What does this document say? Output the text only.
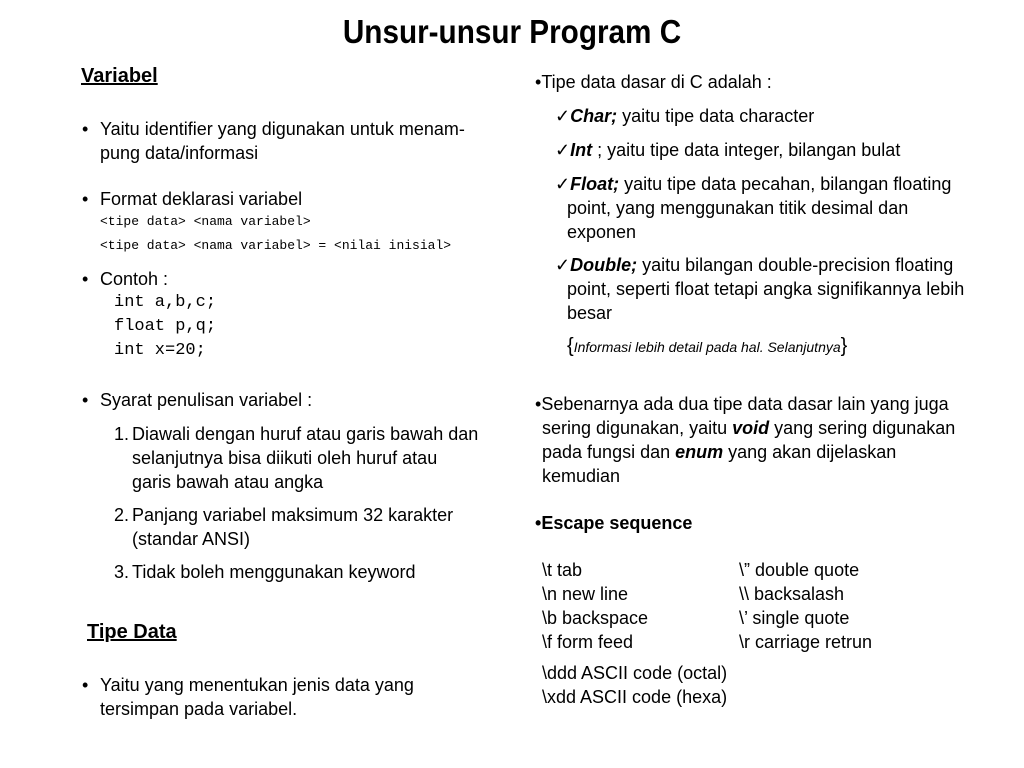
Unsur-unsur Program C
Variabel
• Yaitu identifier yang digunakan untuk menam-
pung data/informasi
• Format deklarasi variabel
<tipe data> <nama variabel>
<tipe data> <nama variabel> = <nilai inisial>
• Contoh :
int a,b,c;
float p,q;
int x=20;
• Syarat penulisan variabel :
1. Diawali dengan huruf atau garis bawah dan
selanjutnya bisa diikuti oleh huruf atau
garis bawah atau angka
2. Panjang variabel maksimum 32 karakter
(standar ANSI)
3. Tidak boleh menggunakan keyword
Tipe Data
• Yaitu yang menentukan jenis data yang
tersimpan pada variabel.
•Tipe data dasar di C adalah :
✓Char; yaitu tipe data character
✓Int ; yaitu tipe data integer, bilangan bulat
✓Float; yaitu tipe data pecahan, bilangan floating
point, yang menggunakan titik desimal dan
exponen
✓Double; yaitu bilangan double-precision floating
point, seperti float tetapi angka signifikannya lebih
besar
{Informasi lebih detail pada hal. Selanjutnya}
•Sebenarnya ada dua tipe data dasar lain yang juga
sering digunakan, yaitu void yang sering digunakan
pada fungsi dan enum yang akan dijelaskan
kemudian
•Escape sequence
\t tab	\” double quote
\n new line	\\ backsalash
\b backspace	\’ single quote
\f form feed	\r carriage retrun
\ddd ASCII code (octal)
\xdd ASCII code (hexa)
